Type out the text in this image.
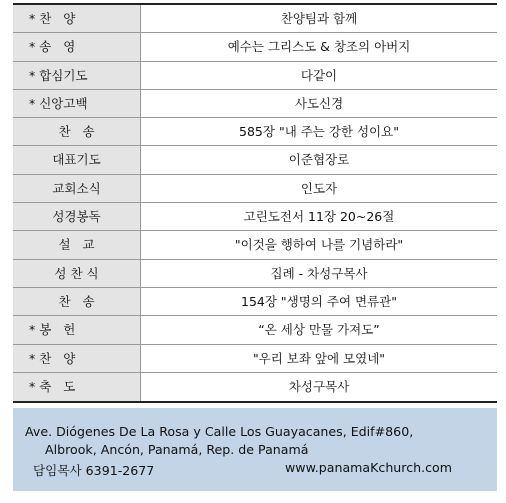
* 찬   양	찬양팀과 함께
* 송   영	예수는 그리스도 & 창조의 아버지
* 합심기도	다같이
* 신앙고백	사도신경
찬   송	585장 "내 주는 강한 성이요"
대표기도	이준협장로
교회소식	인도자
성경봉독	고린도전서 11장 20~26절
설   교	"이것을 행하여 나를 기념하라"
성 찬 식	집례 - 차성구목사
찬   송	154장 "생명의 주여 면류관"
* 봉   헌	“온 세상 만물 가져도”
* 찬   양	"우리 보좌 앞에 모였네"
* 축   도	차성구목사
Ave. Diógenes De La Rosa y Calle Los Guayacanes, Edif#860,
Albrook, Ancón, Panamá, Rep. de Panamá
담임목사 6391-2677	www.panamaKchurch.com
